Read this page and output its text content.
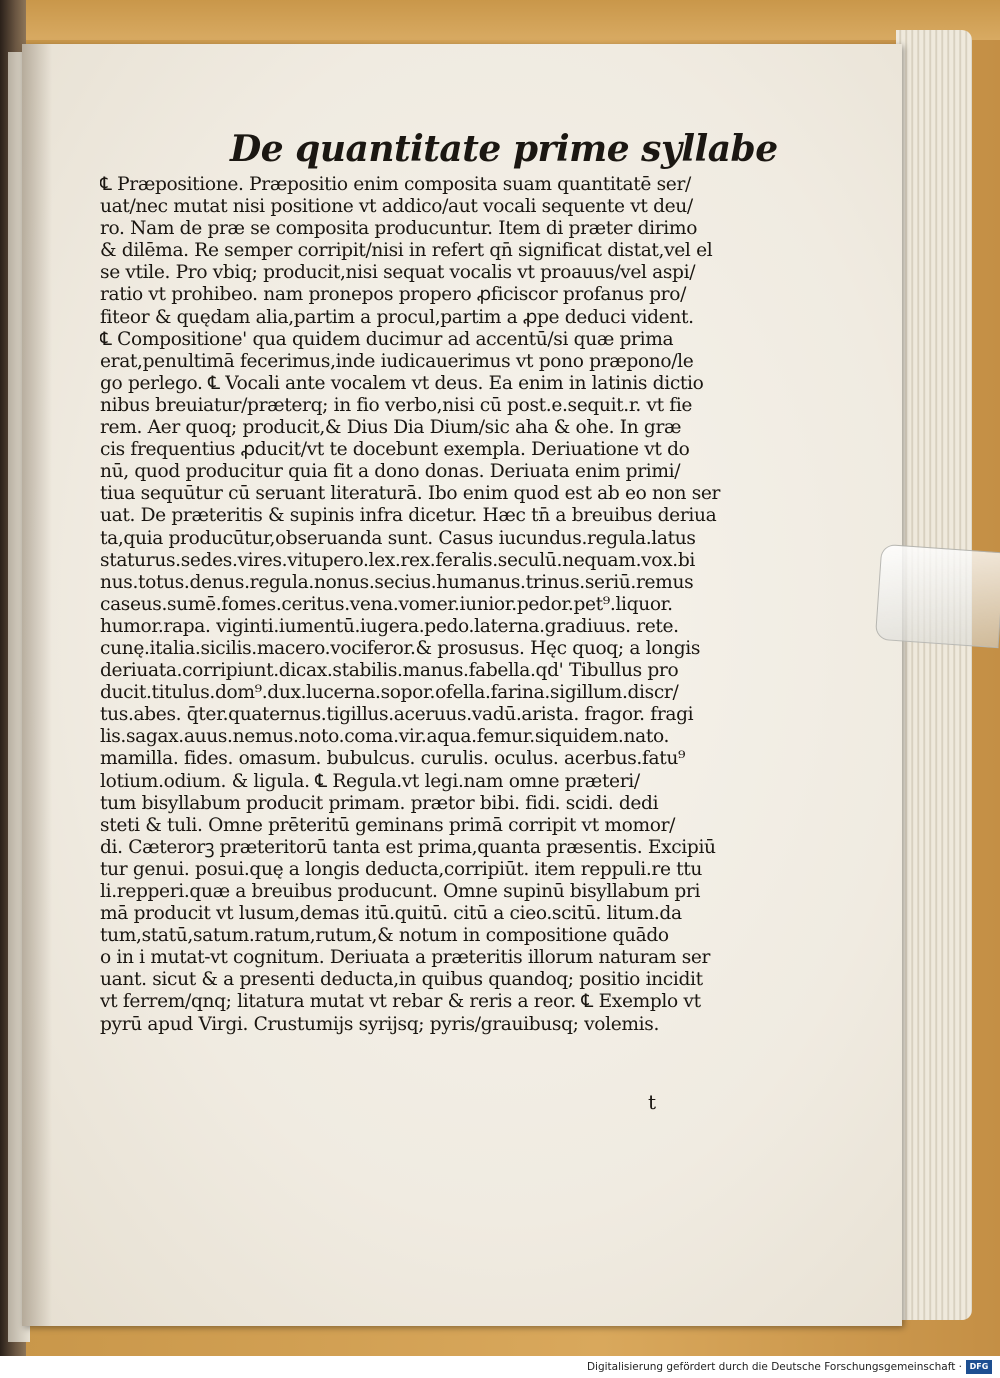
De quantitate prime syllabe
℄ Præpositione. Præpositio enim composita suam quantitatē ser/
uat/nec mutat̄ nisi positione vt addico/aut vocali sequente vt deu/
ro. Nam de præ se composita producuntur. Item di præter dirimo
& dilēma. Re semper corripit̄/nisi in refert qn̄ significat distat,vel el
se vtile. Pro vbiq; producit̄,nisi sequat̄ vocalis vt proauus/vel aspi/
ratio vt prohibeo. nam pronepos propero ꝓficiscor profanus pro/
fiteor & quędam alia,partim a procul,partim a ꝓpe deduci vident̄.
℄ Compositione' qua quidem ducimur ad accentū/si quæ prima
erat,penultimā fecerimus,inde iudicauerimus vt pono præpono/le
go perlego. ℄ Vocali ante vocalem vt deus. Ea enim in latinis dictio
nibus breuiatur/præterq; in fio verbo,nisi cū post.e.sequit̄.r. vt fie
rem. Aer quoq; producit,& Dius Dia Dium/sic aha & ohe. In græ
cis frequentius ꝓducit̄/vt te docebunt exempla. Deriuatione vt do
nū, quod producitur quia fit a dono donas. Deriuata enim primi/
tiua sequūtur cū seruant literaturā. Ibo enim quod est ab eo non ser
uat. De præteritis & supinis infra dicetur. Hæc tn̄ a breuibus deriua
ta,quia producūtur,obseruanda sunt. Casus iucundus.regula.latus
staturus.sedes.vires.vitupero.lex.rex.feralis.seculū.nequam.vox.bi
nus.totus.denus.regula.nonus.secius.humanus.trinus.seriū.remus
caseus.sumē.fomes.ceritus.vena.vomer.iunior.pedor.pet⁹.liquor.
humor.rapa. viginti.iumentū.iugera.pedo.laterna.gradiuus. rete.
cunę.italia.sicilis.macero.vociferor.& prosusus. Hęc quoq; a longis
deriuata.corripiunt̄.dicax.stabilis.manus.fabella.qd' Tibullus pro
ducit.titulus.dom⁹.dux.lucerna.sopor.ofella.farina.sigillum.discr/
tus.abes. q̄ter.quaternus.tigillus.aceruus.vadū.arista. fragor. fragi
lis.sagax.auus.nemus.noto.coma.vir.aqua.femur.siquidem.nato.
mamilla. fides. omasum. bubulcus. curulis. oculus. acerbus.fatu⁹
lotium.odium. & ligula. ℄ Regula.vt legi.nam omne præteri/
tum bisyllabum producit primam. prætor bibi. fidi. scidi. dedi
steti & tuli. Omne prēteritū geminans primā corripit vt momor/
di. Cæterorꝫ præteritorū tanta est prima,quanta præsentis. Excipiū
tur genui. posui.quę a longis deducta,corripiūt. item reppuli.re ttu
li.repperi.quæ a breuibus producunt̄. Omne supinū bisyllabum pri
mā producit vt lusum,demas itū.quitū. citū a cieo.scitū. litum.da
tum,statū,satum.ratum,rutum,& notum in compositione quādo
o in i mutat-vt cognitum. Deriuata a præteritis illorum naturam ser
uant. sicut & a presenti deducta,in quibus quandoq; positio incidit
vt ferrem/qnq; litatura mutat̄ vt rebar & reris a reor. ℄ Exemplo vt
pyrū apud Virgi. Crustumijs syrijsq; pyris/grauibusq; volemis.
t
Digitalisierung gefördert durch die Deutsche Forschungsgemeinschaft · DFG
